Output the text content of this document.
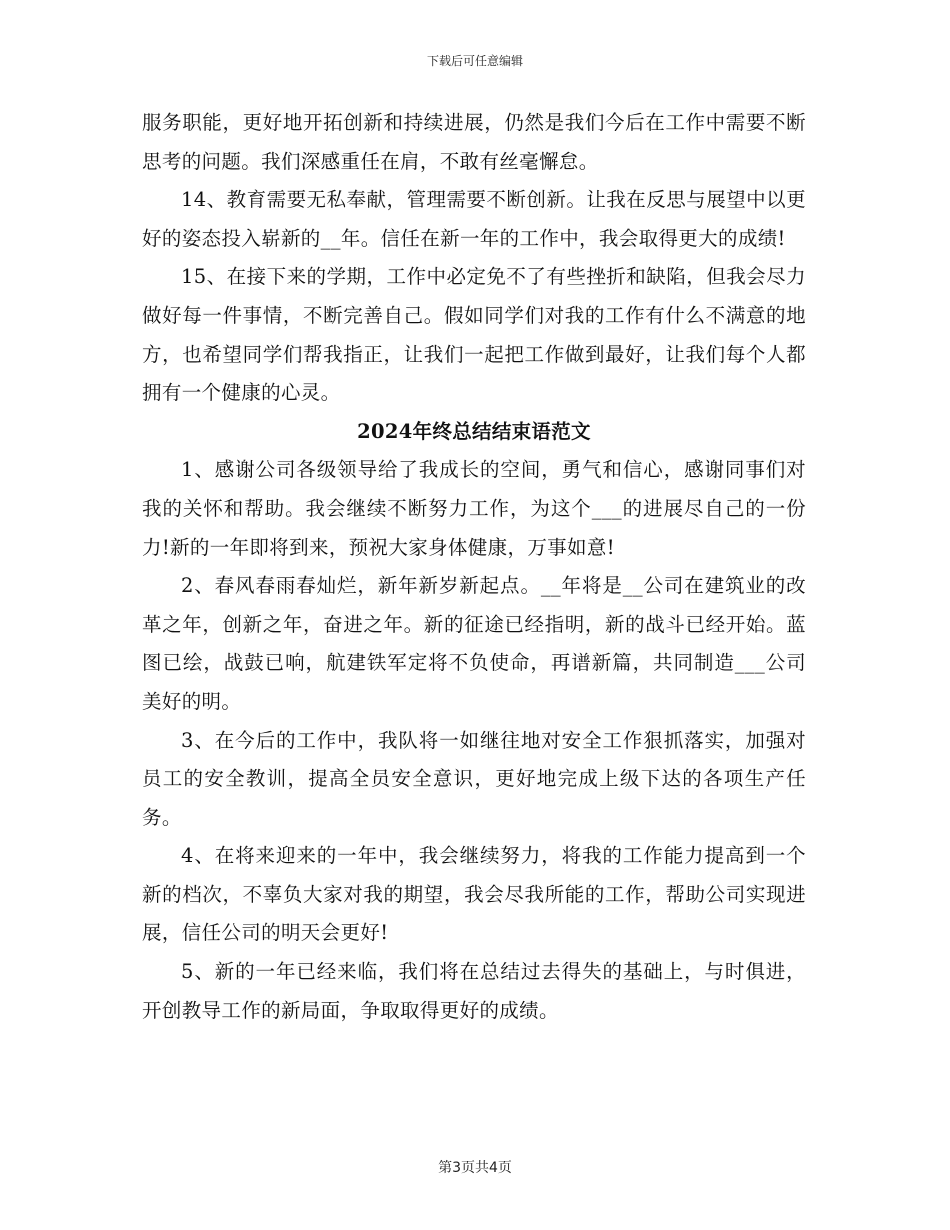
下载后可任意编辑

服务职能，更好地开拓创新和持续进展，仍然是我们今后在工作中需要不断思考的问题。我们深感重任在肩，不敢有丝毫懈怠。

14、教育需要无私奉献，管理需要不断创新。让我在反思与展望中以更好的姿态投入崭新的__年。信任在新一年的工作中，我会取得更大的成绩!

15、在接下来的学期，工作中必定免不了有些挫折和缺陷，但我会尽力做好每一件事情，不断完善自己。假如同学们对我的工作有什么不满意的地方，也希望同学们帮我指正，让我们一起把工作做到最好，让我们每个人都拥有一个健康的心灵。

2024年终总结结束语范文

1、感谢公司各级领导给了我成长的空间，勇气和信心，感谢同事们对我的关怀和帮助。我会继续不断努力工作，为这个___的进展尽自己的一份力!新的一年即将到来，预祝大家身体健康，万事如意!

2、春风春雨春灿烂，新年新岁新起点。__年将是__公司在建筑业的改革之年，创新之年，奋进之年。新的征途已经指明，新的战斗已经开始。蓝图已绘，战鼓已响，航建铁军定将不负使命，再谱新篇，共同制造___公司美好的明。

3、在今后的工作中，我队将一如继往地对安全工作狠抓落实，加强对员工的安全教训，提高全员安全意识，更好地完成上级下达的各项生产任务。

4、在将来迎来的一年中，我会继续努力，将我的工作能力提高到一个新的档次，不辜负大家对我的期望，我会尽我所能的工作，帮助公司实现进展，信任公司的明天会更好!

5、新的一年已经来临，我们将在总结过去得失的基础上，与时俱进，开创教导工作的新局面，争取取得更好的成绩。

第3页共4页
